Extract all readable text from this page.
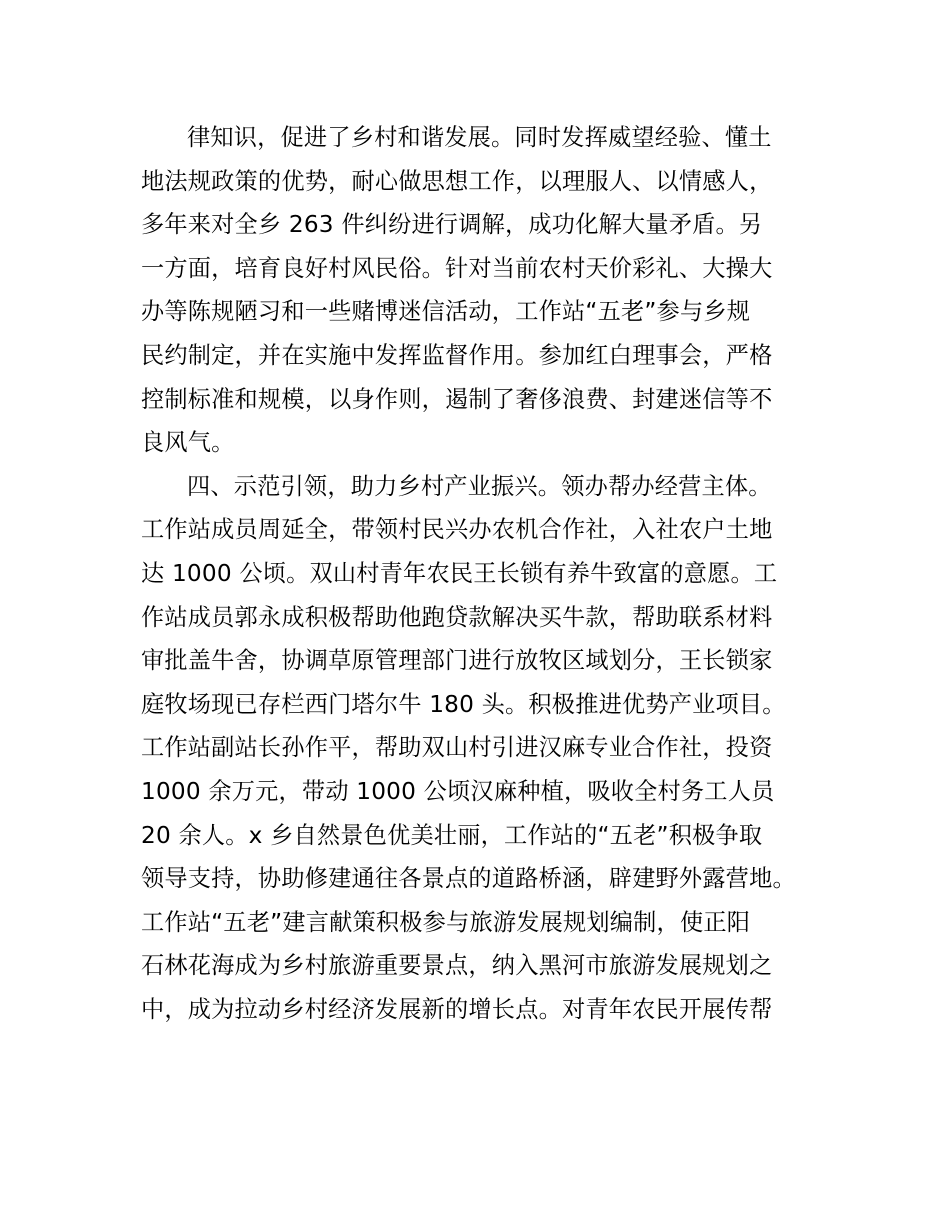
律知识，促进了乡村和谐发展。同时发挥威望经验、懂土
地法规政策的优势，耐心做思想工作，以理服人、以情感人，
多年来对全乡 263 件纠纷进行调解，成功化解大量矛盾。另
一方面，培育良好村风民俗。针对当前农村天价彩礼、大操大
办等陈规陋习和一些赌博迷信活动，工作站“五老”参与乡规
民约制定，并在实施中发挥监督作用。参加红白理事会，严格
控制标准和规模，以身作则，遏制了奢侈浪费、封建迷信等不
良风气。
四、示范引领，助力乡村产业振兴。领办帮办经营主体。
工作站成员周延全，带领村民兴办农机合作社，入社农户土地
达 1000 公顷。双山村青年农民王长锁有养牛致富的意愿。工
作站成员郭永成积极帮助他跑贷款解决买牛款，帮助联系材料
审批盖牛舍，协调草原管理部门进行放牧区域划分，王长锁家
庭牧场现已存栏西门塔尔牛 180 头。积极推进优势产业项目。
工作站副站长孙作平，帮助双山村引进汉麻专业合作社，投资
1000 余万元，带动 1000 公顷汉麻种植，吸收全村务工人员
20 余人。x 乡自然景色优美壮丽，工作站的“五老”积极争取
领导支持，协助修建通往各景点的道路桥涵，辟建野外露营地。
工作站“五老”建言献策积极参与旅游发展规划编制，使正阳
石林花海成为乡村旅游重要景点，纳入黑河市旅游发展规划之
中，成为拉动乡村经济发展新的增长点。对青年农民开展传帮
